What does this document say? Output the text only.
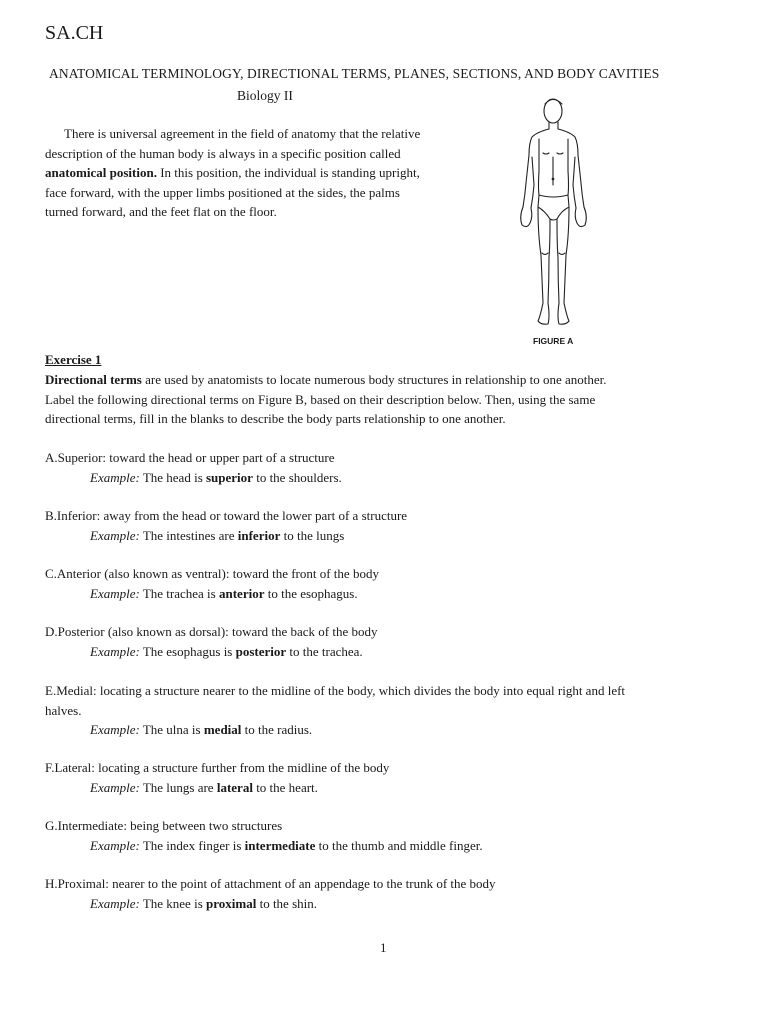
SA.CH
ANATOMICAL TERMINOLOGY, DIRECTIONAL TERMS, PLANES, SECTIONS, AND BODY CAVITIES
Biology II
There is universal agreement in the field of anatomy that the relative
description of the human body is always in a specific position called
anatomical position. In this position, the individual is standing upright,
face forward, with the upper limbs positioned at the sides, the palms
turned forward, and the feet flat on the floor.
FIGURE A
Exercise 1
Directional terms are used by anatomists to locate numerous body structures in relationship to one another.
Label the following directional terms on Figure B, based on their description below. Then, using the same
directional terms, fill in the blanks to describe the body parts relationship to one another.
A.Superior: toward the head or upper part of a structure
Example: The head is superior to the shoulders.
B.Inferior: away from the head or toward the lower part of a structure
Example: The intestines are inferior to the lungs
C.Anterior (also known as ventral): toward the front of the body
Example: The trachea is anterior to the esophagus.
D.Posterior (also known as dorsal): toward the back of the body
Example: The esophagus is posterior to the trachea.
E.Medial: locating a structure nearer to the midline of the body, which divides the body into equal right and left
halves.
Example: The ulna is medial to the radius.
F.Lateral: locating a structure further from the midline of the body
Example: The lungs are lateral to the heart.
G.Intermediate: being between two structures
Example: The index finger is intermediate to the thumb and middle finger.
H.Proximal: nearer to the point of attachment of an appendage to the trunk of the body
Example: The knee is proximal to the shin.
1
